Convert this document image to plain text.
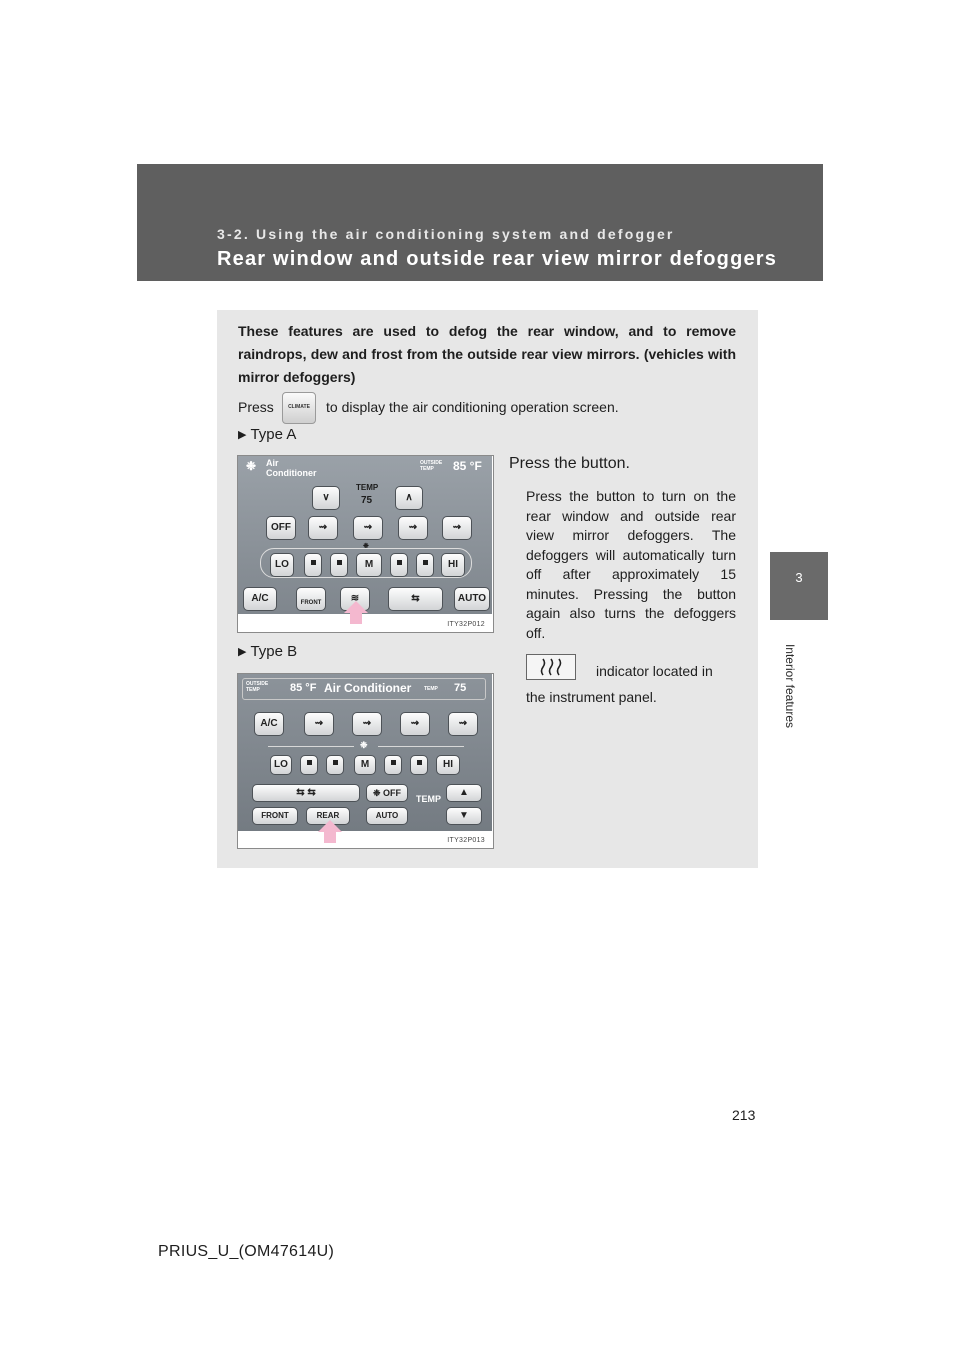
3-2. Using the air conditioning system and defogger
Rear window and outside rear view mirror defoggers
3
Interior features
These features are used to defog the rear window, and to remove raindrops, dew and frost from the outside rear view mirrors. (vehicles with mirror defoggers)
Press	CLIMATE	to display the air conditioning operation screen.
▶ Type A
▶ Type B
❉ Air
Conditioner
OUTSIDE
TEMP 85 °F
∨
TEMP
75	∧
OFF	⇝	⇝	⇝	⇝
❉
LO	M	HI
A/C	FRONT	≋	⇆	AUTO
ITY32P012
OUTSIDE
TEMP	85 °F Air Conditioner	TEMP 75
A/C	⇝	⇝	⇝	⇝
❉
LO	M	HI
⇆ ⇆	❉ OFF
FRONT	REAR	AUTO
TEMP
▲
▼
ITY32P013
Press the button.
Press the button to turn on the rear window and outside rear view mirror defoggers. The defoggers will automatically turn off after approximately 15 minutes. Pressing the button again also turns the defoggers off.
indicator located in the instrument panel.
213
PRIUS_U_(OM47614U)
